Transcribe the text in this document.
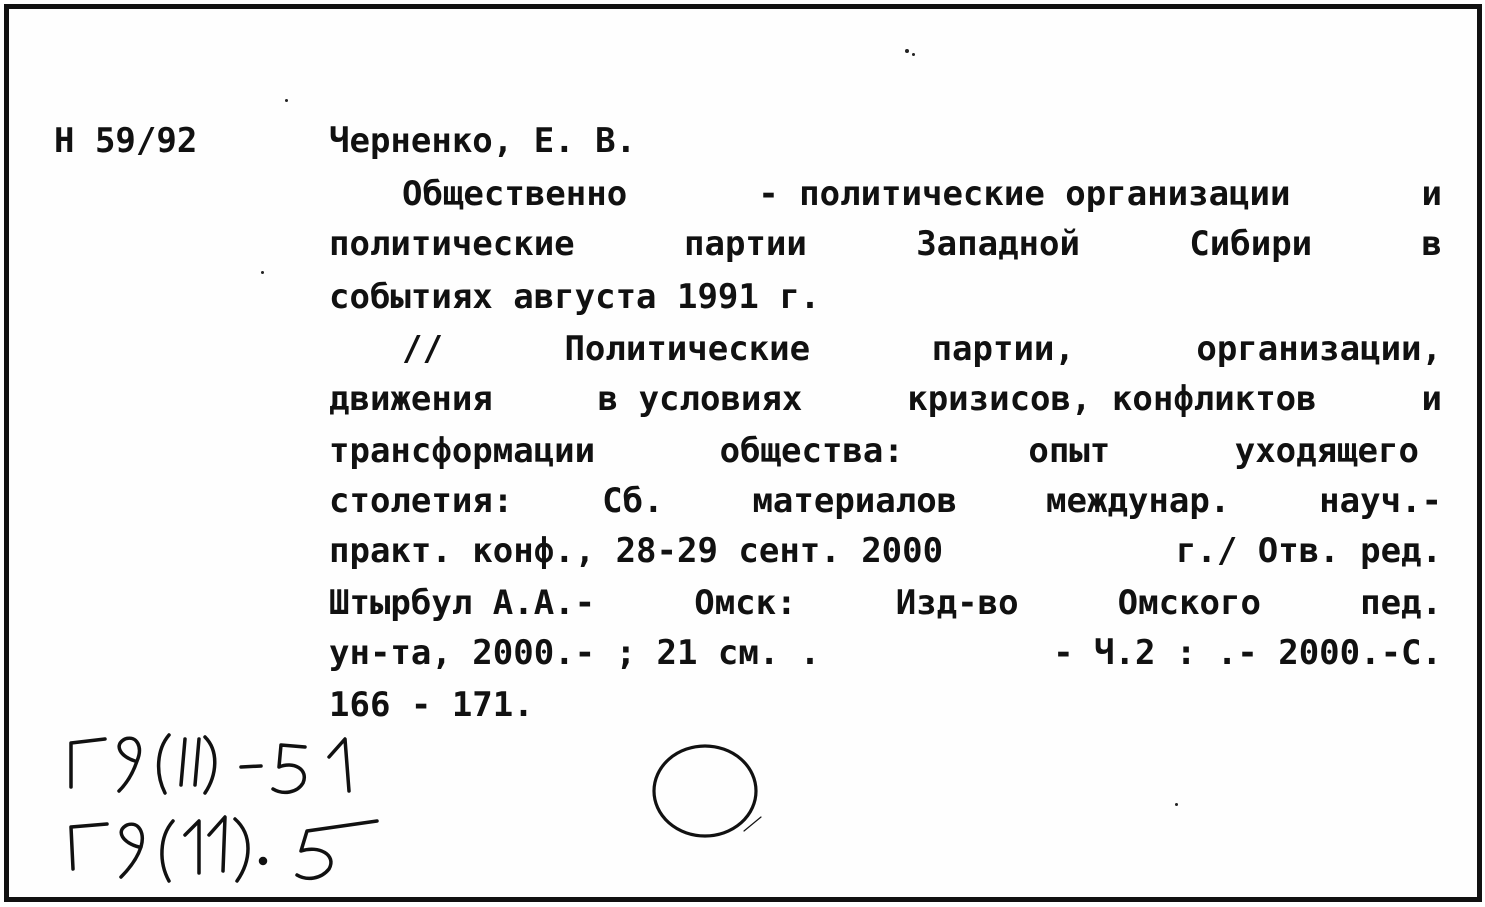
Н 59/92	Черненко, Е. В.
Общественно	- политические организации	и
политические	партии	Западной	Сибири	в
событиях августа 1991 г.
//	Политические	партии,	организации,
движения	в условиях	кризисов, конфликтов	и
трансформации	общества:	опыт	уходящего
столетия:	Сб.	материалов	междунар.	науч.-
практ. конф., 28-29 сент. 2000	г./ Отв. ред.
Штырбул А.А.-	Омск:	Изд-во	Омского	пед.
ун-та, 2000.- ; 21 см. .	- Ч.2 : .- 2000.-С.
166 - 171.
